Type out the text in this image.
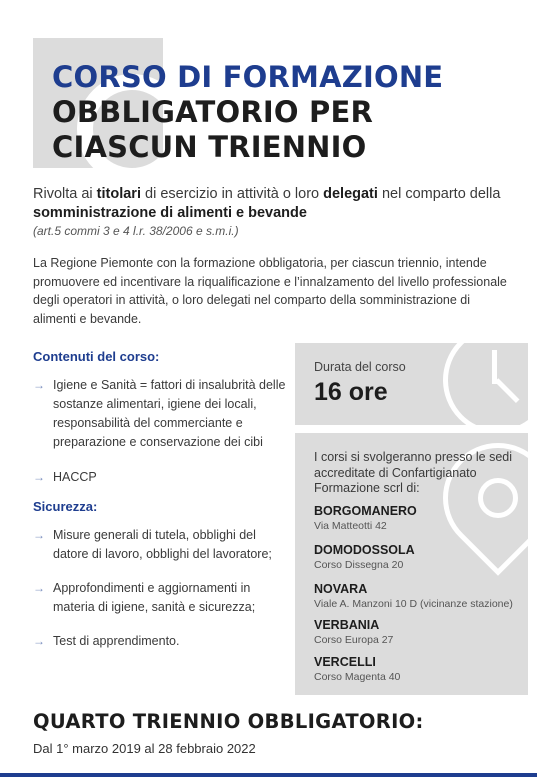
CORSO DI FORMAZIONE
OBBLIGATORIO PER
CIASCUN TRIENNIO
Rivolta ai titolari di esercizio in attività o loro delegati nel comparto della somministrazione di alimenti e bevande
(art.5 commi 3 e 4 l.r. 38/2006 e s.m.i.)

La Regione Piemonte con la formazione obbligatoria, per ciascun triennio, intende promuovere ed incentivare la riqualificazione e l’innalzamento del livello professionale degli operatori in attività, o loro delegati nel comparto della somministrazione di alimenti e bevande.

Contenuti del corso:
→ Igiene e Sanità = fattori di insalubrità delle sostanze alimentari, igiene dei locali, responsabilità del commerciante e preparazione e conservazione dei cibi
→ HACCP
Sicurezza:
→ Misure generali di tutela, obblighi del datore di lavoro, obblighi del lavoratore;
→ Approfondimenti e aggiornamenti in materia di igiene, sanità e sicurezza;
→ Test di apprendimento.
Durata del corso
16 ore
I corsi si svolgeranno presso le sedi accreditate di Confartigianato Formazione scrl di:
BORGOMANERO
Via Matteotti 42
DOMODOSSOLA
Corso Dissegna 20
NOVARA
Viale A. Manzoni 10 D (vicinanze stazione)
VERBANIA
Corso Europa 27
VERCELLI
Corso Magenta 40
QUARTO TRIENNIO OBBLIGATORIO:
Dal 1° marzo 2019 al 28 febbraio 2022
